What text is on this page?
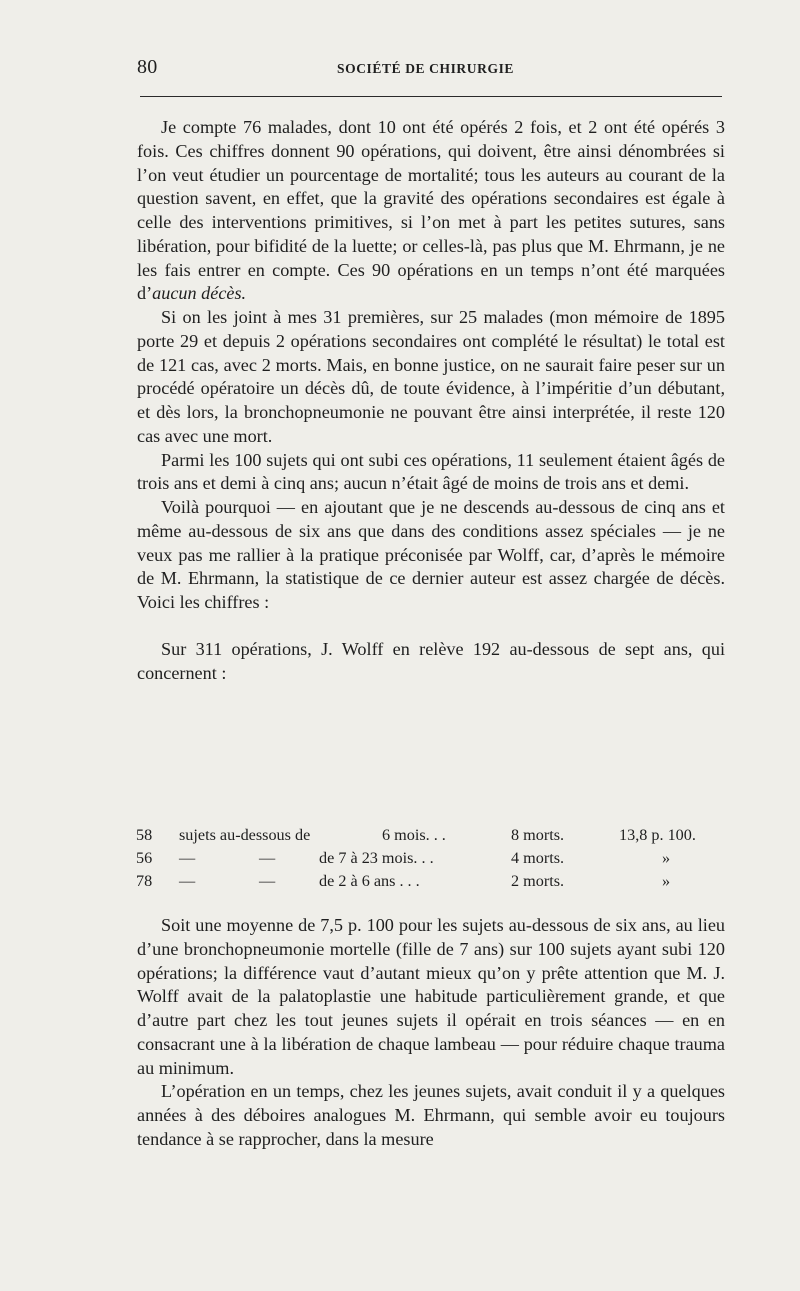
80	SOCIÉTÉ DE CHIRURGIE

Je compte 76 malades, dont 10 ont été opérés 2 fois, et 2 ont été opérés 3 fois. Ces chiffres donnent 90 opérations, qui doivent, être ainsi dénombrées si l’on veut étudier un pourcentage de mortalité; tous les auteurs au courant de la question savent, en effet, que la gravité des opérations secondaires est égale à celle des interventions primitives, si l’on met à part les petites sutures, sans libération, pour bifidité de la luette; or celles-là, pas plus que M. Ehrmann, je ne les fais entrer en compte. Ces 90 opérations en un temps n’ont été marquées d’aucun décès.

Si on les joint à mes 31 premières, sur 25 malades (mon mémoire de 1895 porte 29 et depuis 2 opérations secondaires ont complété le résultat) le total est de 121 cas, avec 2 morts. Mais, en bonne justice, on ne saurait faire peser sur un procédé opératoire un décès dû, de toute évidence, à l’impéritie d’un débutant, et dès lors, la bronchopneumonie ne pouvant être ainsi interprétée, il reste 120 cas avec une mort.

Parmi les 100 sujets qui ont subi ces opérations, 11 seulement étaient âgés de trois ans et demi à cinq ans; aucun n’était âgé de moins de trois ans et demi.

Voilà pourquoi — en ajoutant que je ne descends au-dessous de cinq ans et même au-dessous de six ans que dans des conditions assez spéciales — je ne veux pas me rallier à la pratique préconisée par Wolff, car, d’après le mémoire de M. Ehrmann, la statistique de ce dernier auteur est assez chargée de décès. Voici les chiffres :

Sur 311 opérations, J. Wolff en relève 192 au-dessous de sept ans, qui concernent :

58 sujets au-dessous de	6 mois. . .	8 morts.	13,8 p. 100.
56 —	—	de 7 à 23 mois. . .	4 morts.	»
78 —	—	de 2 à 6 ans . . .	2 morts.	»

Soit une moyenne de 7,5 p. 100 pour les sujets au-dessous de six ans, au lieu d’une bronchopneumonie mortelle (fille de 7 ans) sur 100 sujets ayant subi 120 opérations; la différence vaut d’autant mieux qu’on y prête attention que M. J. Wolff avait de la palatoplastie une habitude particulièrement grande, et que d’autre part chez les tout jeunes sujets il opérait en trois séances — en en consacrant une à la libération de chaque lambeau — pour réduire chaque trauma au minimum.

L’opération en un temps, chez les jeunes sujets, avait conduit il y a quelques années à des déboires analogues M. Ehrmann, qui semble avoir eu toujours tendance à se rapprocher, dans la mesure
